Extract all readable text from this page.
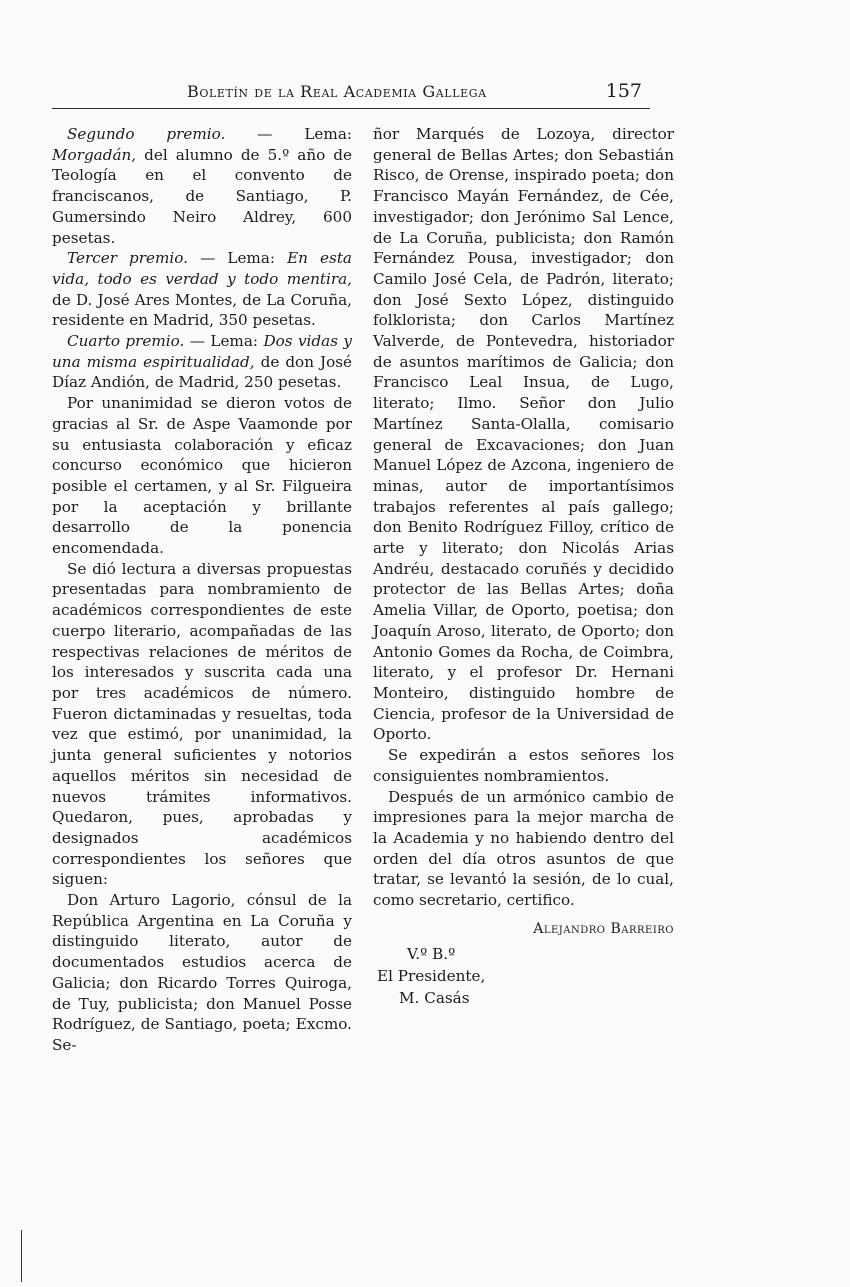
Boletín de la Real Academia Gallega	157

Segundo premio. — Lema: Morgadán, del alumno de 5.º año de Teología en el convento de franciscanos, de Santiago, P. Gumersindo Neiro Aldrey, 600 pesetas.

Tercer premio. — Lema: En esta vida, todo es verdad y todo mentira, de D. José Ares Montes, de La Coruña, residente en Madrid, 350 pesetas.

Cuarto premio. — Lema: Dos vidas y una misma espiritualidad, de don José Díaz Andión, de Madrid, 250 pesetas.

Por unanimidad se dieron votos de gracias al Sr. de Aspe Vaamonde por su entusiasta colaboración y eficaz concurso económico que hicieron posible el certamen, y al Sr. Filgueira por la aceptación y brillante desarrollo de la ponencia encomendada.

Se dió lectura a diversas propuestas presentadas para nombramiento de académicos correspondientes de este cuerpo literario, acompañadas de las respectivas relaciones de méritos de los interesados y suscrita cada una por tres académicos de número. Fueron dictaminadas y resueltas, toda vez que estimó, por unanimidad, la junta general suficientes y notorios aquellos méritos sin necesidad de nuevos trámites informativos. Quedaron, pues, aprobadas y designados académicos correspondientes los señores que siguen:

Don Arturo Lagorio, cónsul de la República Argentina en La Coruña y distinguido literato, autor de documentados estudios acerca de Galicia; don Ricardo Torres Quiroga, de Tuy, publicista; don Manuel Posse Rodríguez, de Santiago, poeta; Excmo. Se-

ñor Marqués de Lozoya, director general de Bellas Artes; don Sebastián Risco, de Orense, inspirado poeta; don Francisco Mayán Fernández, de Cée, investigador; don Jerónimo Sal Lence, de La Coruña, publicista; don Ramón Fernández Pousa, investigador; don Camilo José Cela, de Padrón, literato; don José Sexto López, distinguido folklorista; don Carlos Martínez Valverde, de Pontevedra, historiador de asuntos marítimos de Galicia; don Francisco Leal Insua, de Lugo, literato; Ilmo. Señor don Julio Martínez Santa-Olalla, comisario general de Excavaciones; don Juan Manuel López de Azcona, ingeniero de minas, autor de importantísimos trabajos referentes al país gallego; don Benito Rodríguez Filloy, crítico de arte y literato; don Nicolás Arias Andréu, destacado coruñés y decidido protector de las Bellas Artes; doña Amelia Villar, de Oporto, poetisa; don Joaquín Aroso, literato, de Oporto; don Antonio Gomes da Rocha, de Coimbra, literato, y el profesor Dr. Hernani Monteiro, distinguido hombre de Ciencia, profesor de la Universidad de Oporto.

Se expedirán a estos señores los consiguientes nombramientos.

Después de un armónico cambio de impresiones para la mejor marcha de la Academia y no habiendo dentro del orden del día otros asuntos de que tratar, se levantó la sesión, de lo cual, como secretario, certifico.

Alejandro Barreiro
V.º B.º
El Presidente,
M. Casás
